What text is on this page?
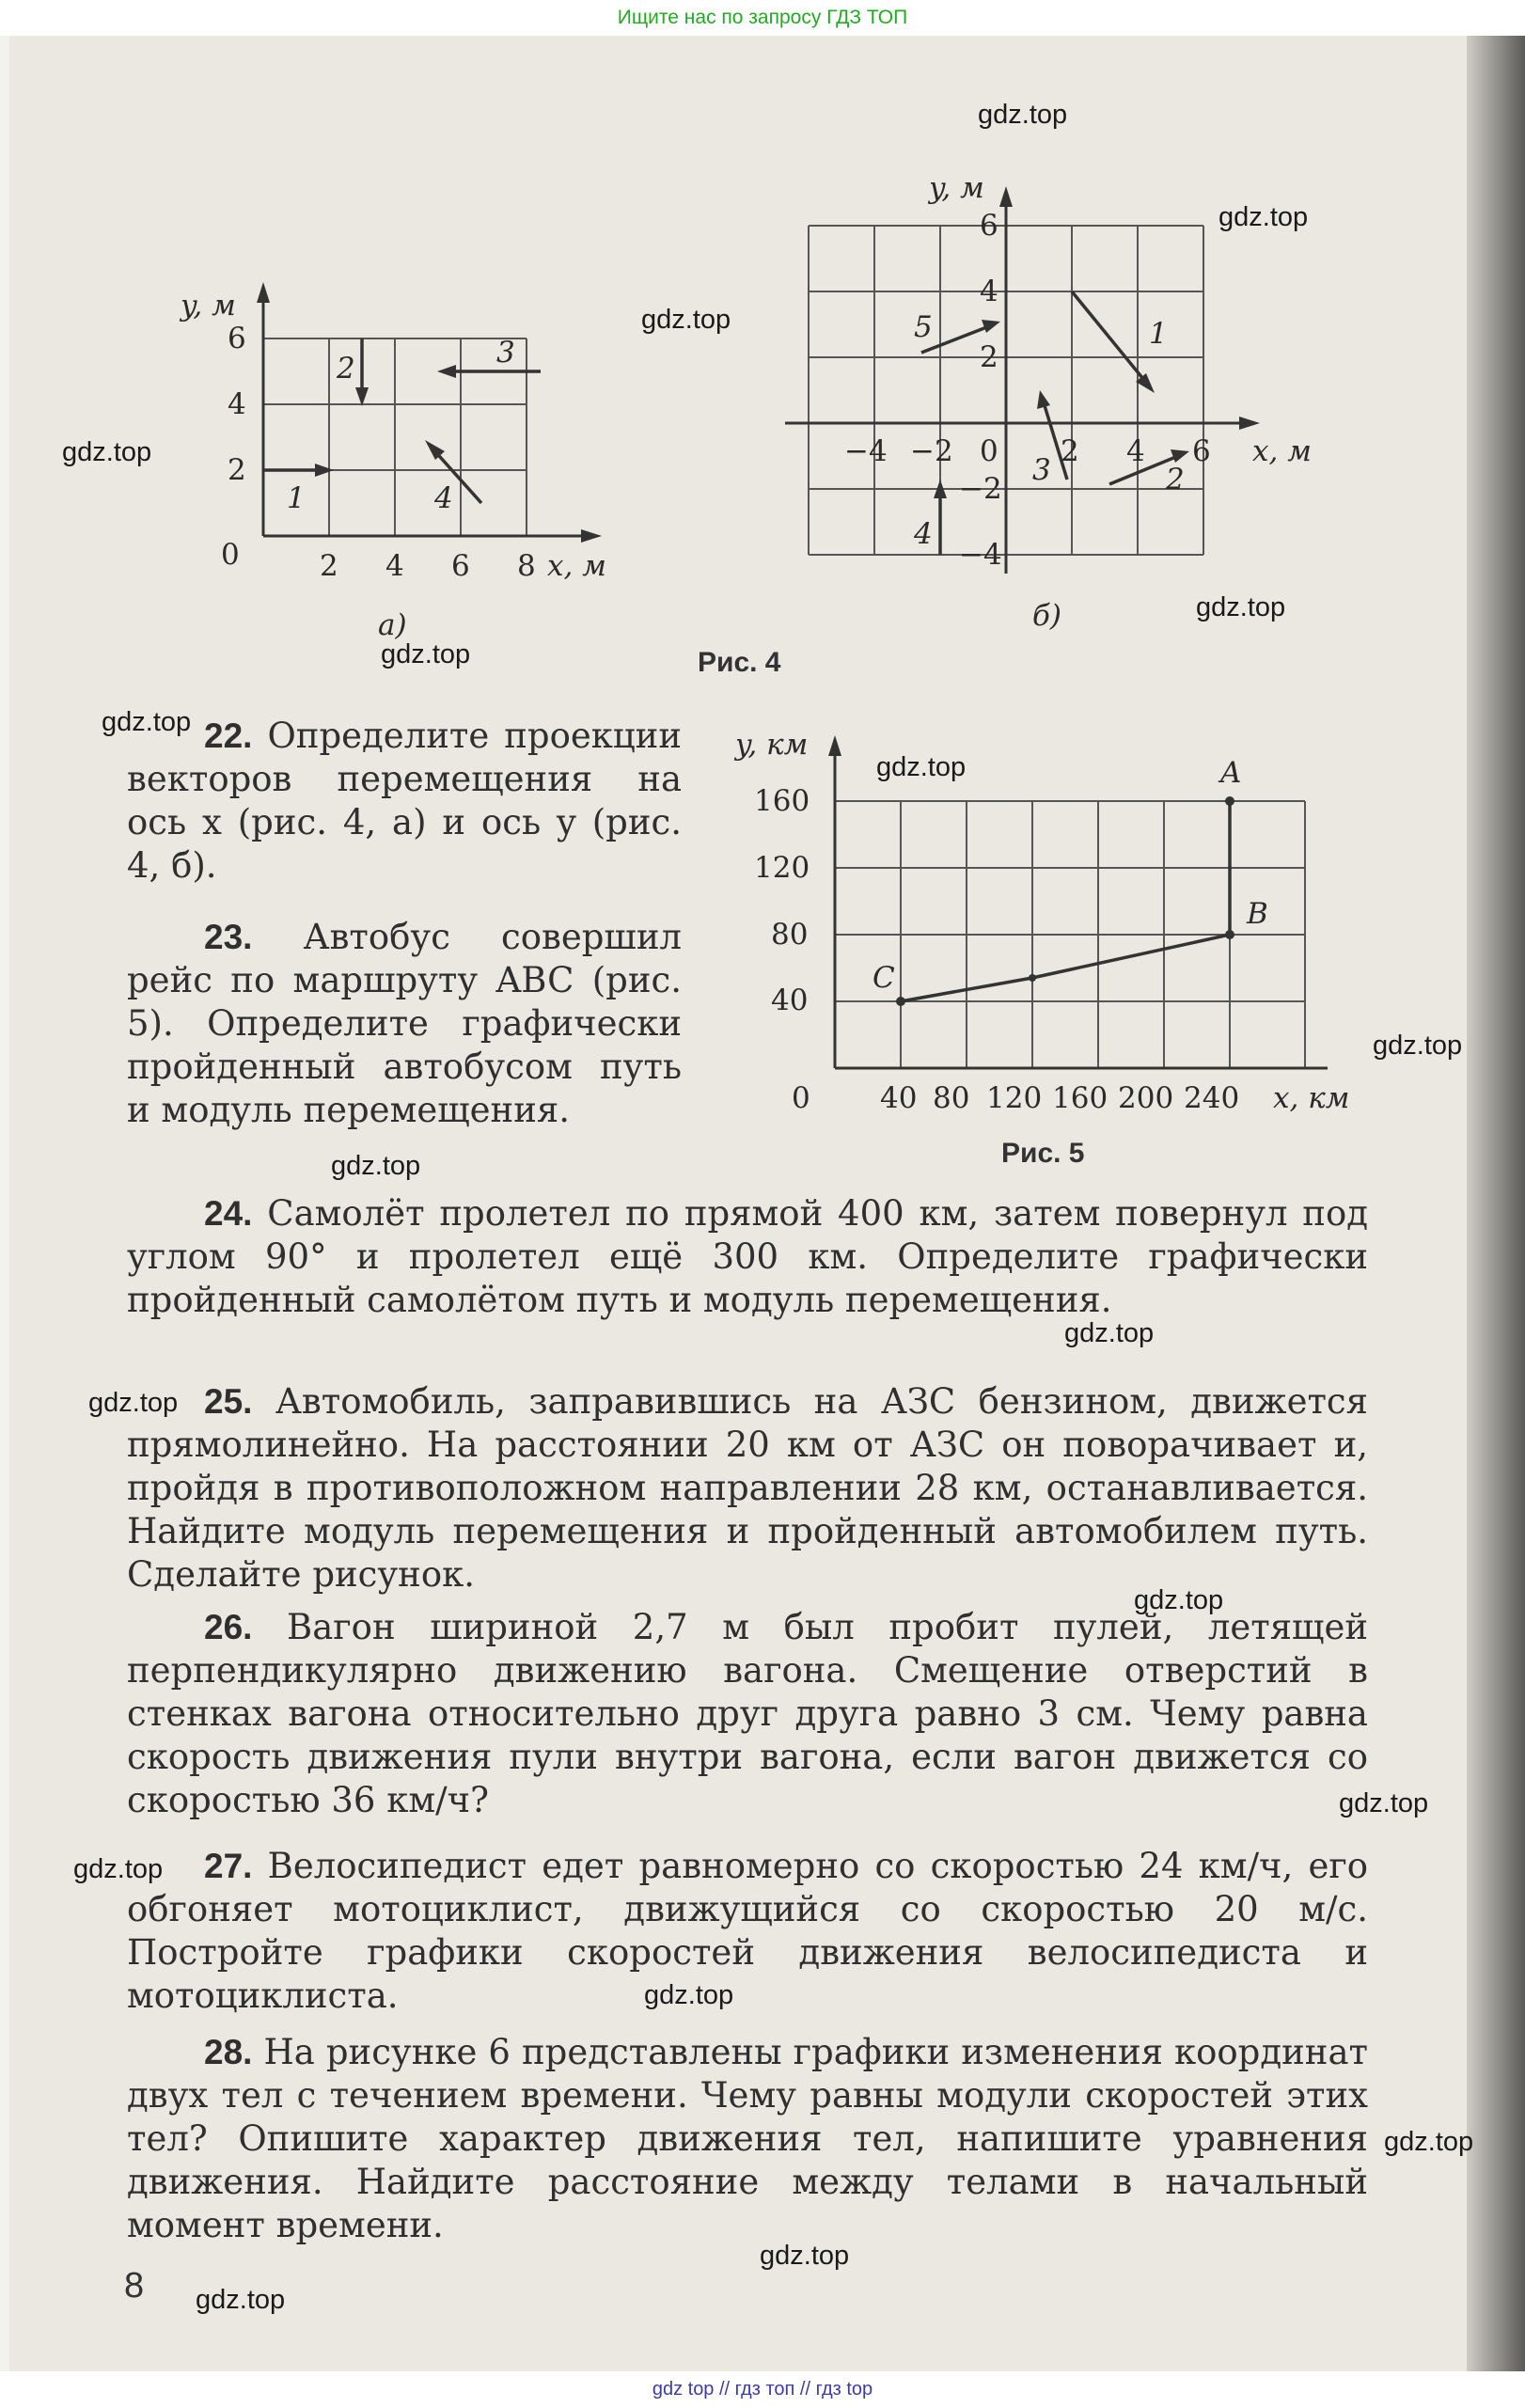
Ищите нас по запросу ГДЗ ТОП
y, м
6
4
2
0	2 4 6 8 x, м
1
2	3
4
а)
y, м
6
4
2
−2
−4
−4 −2 0 2 4 6 x, м
1
2
3
4
5
б)
Рис. 4
y, км
160
120
80
40
0 40 80 120 160 200 240 x, км
A
B
C
Рис. 5

22. Определите проекции векторов перемещения на ось x (рис. 4, а) и ось y (рис. 4, б).

23. Автобус совершил рейс по маршруту ABC (рис. 5). Определите графически пройденный автобусом путь и модуль перемещения.

24. Самолёт пролетел по прямой 400 км, затем повернул под углом 90° и пролетел ещё 300 км. Определите графически пройденный самолётом путь и модуль перемещения.

25. Автомобиль, заправившись на АЗС бензином, движется прямолинейно. На расстоянии 20 км от АЗС он поворачивает и, пройдя в противоположном направлении 28 км, останавливается. Найдите модуль перемещения и пройденный автомобилем путь. Сделайте рисунок.

26. Вагон шириной 2,7 м был пробит пулей, летящей перпендикулярно движению вагона. Смещение отверстий в стенках вагона относительно друг друга равно 3 см. Чему равна скорость движения пули внутри вагона, если вагон движется со скоростью 36 км/ч?

27. Велосипедист едет равномерно со скоростью 24 км/ч, его обгоняет мотоциклист, движущийся со скоростью 20 м/с. Постройте графики скоростей движения велосипедиста и мотоциклиста.

28. На рисунке 6 представлены графики изменения координат двух тел с течением времени. Чему равны модули скоростей этих тел? Опишите характер движения тел, напишите уравнения движения. Найдите расстояние между телами в начальный момент времени.

8
gdz.top
gdz.top
gdz.top
gdz.top
gdz.top
gdz.top
gdz.top
gdz.top
gdz.top
gdz.top
gdz.top
gdz.top
gdz.top
gdz.top
gdz.top
gdz.top
gdz.top
gdz.top
gdz.top
gdz top // гдз топ // гдз top
